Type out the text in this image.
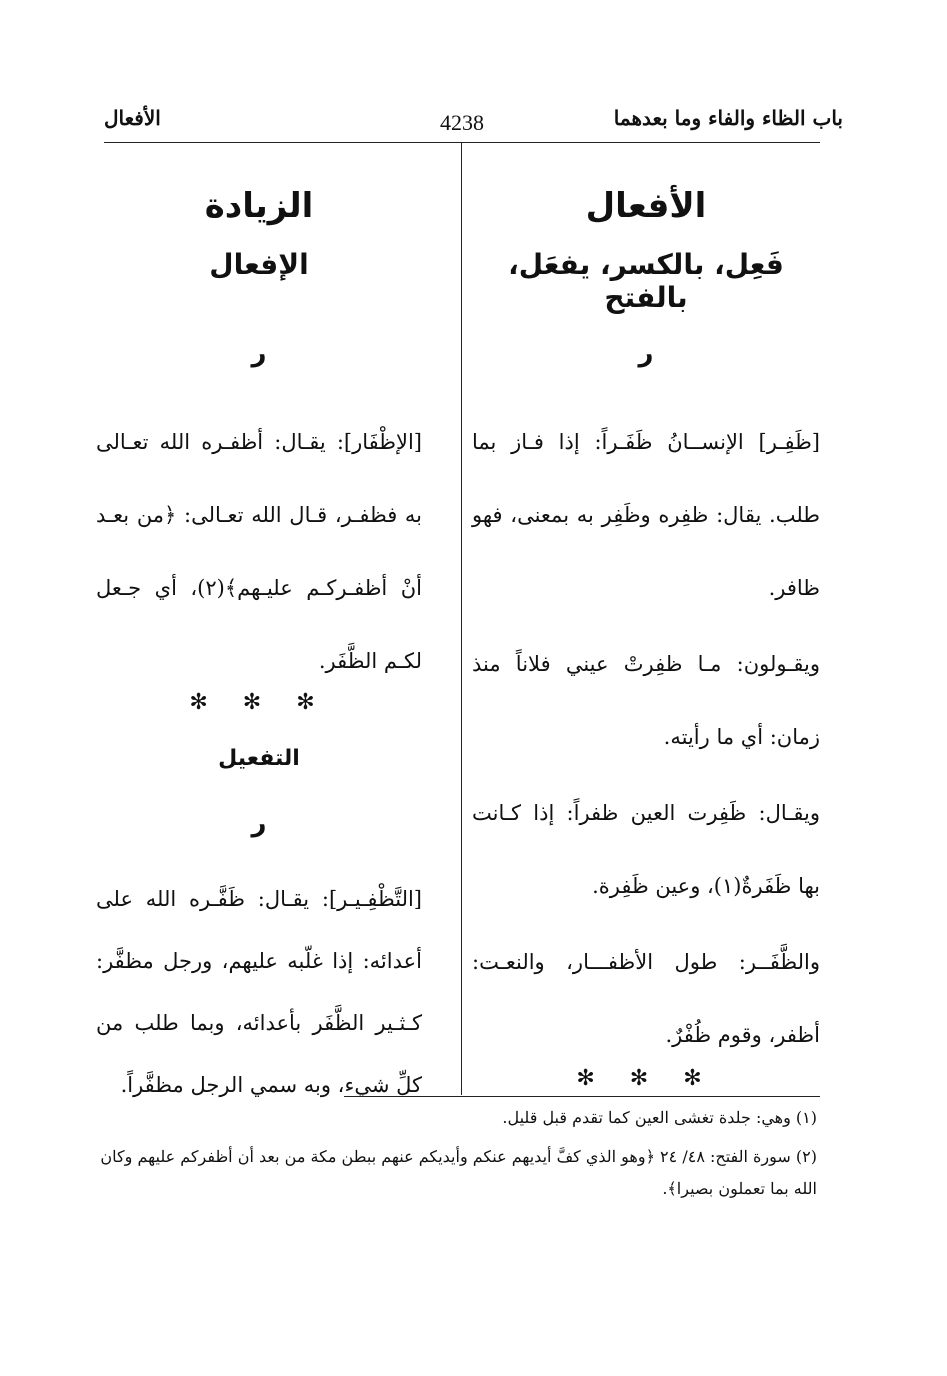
باب الظاء والفاء وما بعدهما
4238
الأفعال
الأفعال
فَعِل، بالكسر، يفعَل، بالفتح
ر

[ظَفِـر] الإنســانُ ظَفَـراً: إذا فـاز بما طلب. يقال: ظفِره وظَفِر به بمعنى، فهو ظافر.

ويقـولون: مـا ظفِرتْ عيني فلاناً منذ زمان: أي ما رأيته.

ويقـال: ظَفِرت العين ظفراً: إذا كـانت بها ظَفَرةٌ(١)، وعين ظَفِرة.

والظَّفَــر: طول الأظفـــار، والنعـت: أظفر، وقوم ظُفْرٌ.

✻ ✻ ✻
الزيادة
الإفعال
ر

[الإظْفَار]: يقـال: أظفـره الله تعـالى به فظفـر، قـال الله تعـالى: ﴿من بعـد أنْ أظفـركـم عليـهم﴾(٢)، أي جـعل لكـم الظَّفَر.

✻ ✻ ✻
التفعيل
ر

[التَّظْفِـيـر]: يقـال: ظَفَّـره الله على أعدائه: إذا غلّبه عليهم، ورجل مظفَّر: كـثـير الظَّفَر بأعدائه، وبما طلب من كلِّ شيء، وبه سمي الرجل مظفَّراً.

(١) وهي: جلدة تغشى العين كما تقدم قبل قليل.
(٢) سورة الفتح: ٤٨/ ٢٤ ﴿وهو الذي كفَّ أيديهم عنكم وأيديكم عنهم ببطن مكة من بعد أن أظفركم عليهم وكان الله بما تعملون بصيرا﴾.
